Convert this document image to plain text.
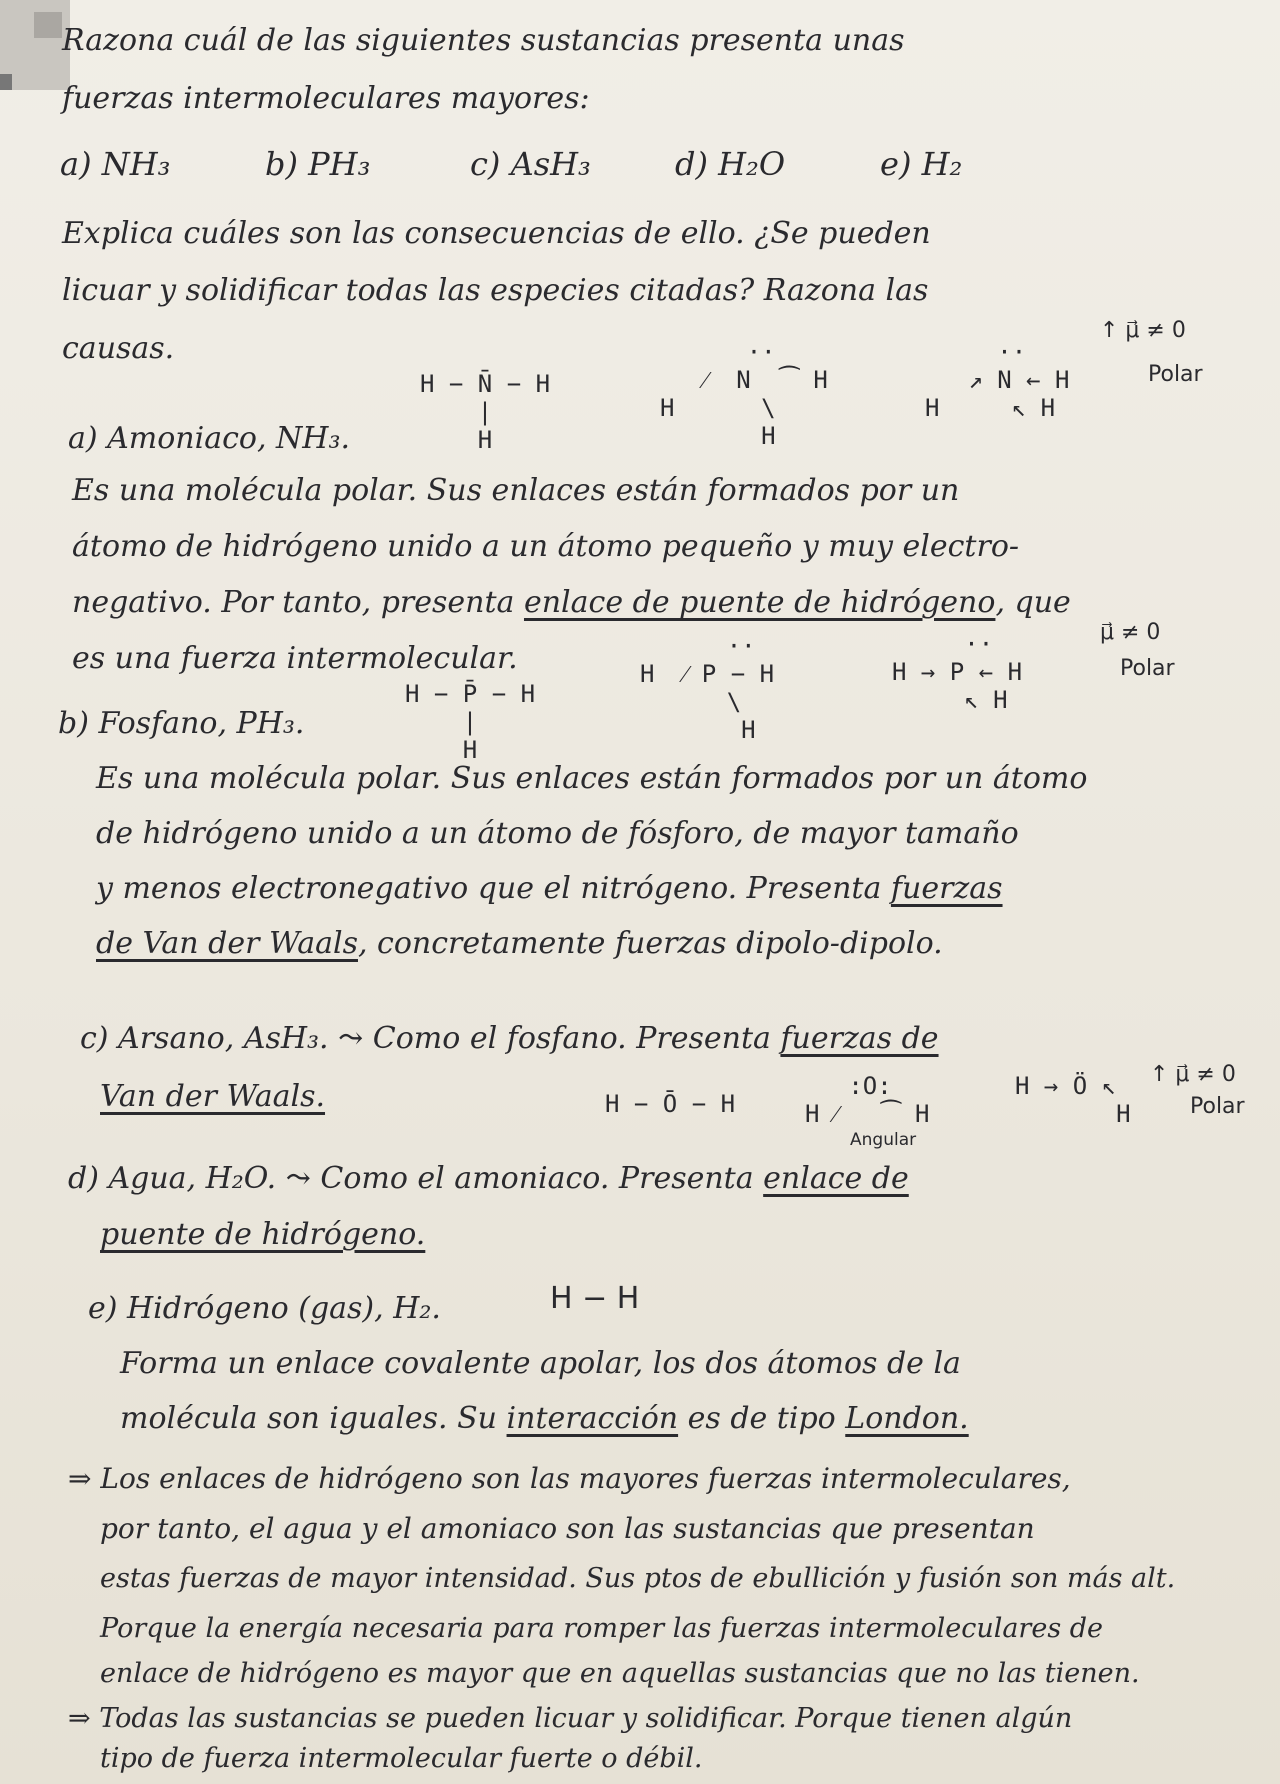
Razona cuál de las siguientes sustancias presenta unas

fuerzas intermoleculares mayores:

a) NH₃	b) PH₃	c) AsH₃	d) H₂O	e) H₂

Explica cuáles son las consecuencias de ello. ¿Se pueden

licuar y solidificar todas las especies citadas? Razona las

causas.

H − N̄ − H
|
H
··
⁄  N  ⁀ H
H      \
H
··
↗ N ← H
H     ↖ H
↑ μ⃗ ≠ 0
Polar

a) Amoniaco, NH₃.

Es una molécula polar. Sus enlaces están formados por un

átomo de hidrógeno unido a un átomo pequeño y muy electro-

negativo. Por tanto, presenta enlace de puente de hidrógeno, que

es una fuerza intermolecular.

H − P̄ − H
|
H
··
H  ⁄ P − H
\
H
··
H → P ← H
↖ H
μ⃗ ≠ 0
Polar

b) Fosfano, PH₃.

Es una molécula polar. Sus enlaces están formados por un átomo

de hidrógeno unido a un átomo de fósforo, de mayor tamaño

y menos electronegativo que el nitrógeno. Presenta fuerzas

de Van der Waals, concretamente fuerzas dipolo-dipolo.

c) Arsano, AsH₃. ⤳ Como el fosfano. Presenta fuerzas de

Van der Waals.	H − Ō − H
:O:
H ⁄   ⁀ H
Angular
H → Ö ↖
H
↑ μ⃗ ≠ 0
Polar

d) Agua, H₂O. ⤳ Como el amoniaco. Presenta enlace de

puente de hidrógeno.

e) Hidrógeno (gas), H₂.	H − H

Forma un enlace covalente apolar, los dos átomos de la

molécula son iguales. Su interacción es de tipo London.

⇒ Los enlaces de hidrógeno son las mayores fuerzas intermoleculares,

por tanto, el agua y el amoniaco son las sustancias que presentan

estas fuerzas de mayor intensidad. Sus ptos de ebullición y fusión son más alt.

Porque la energía necesaria para romper las fuerzas intermoleculares de

enlace de hidrógeno es mayor que en aquellas sustancias que no las tienen.

⇒ Todas las sustancias se pueden licuar y solidificar. Porque tienen algún

tipo de fuerza intermolecular fuerte o débil.
